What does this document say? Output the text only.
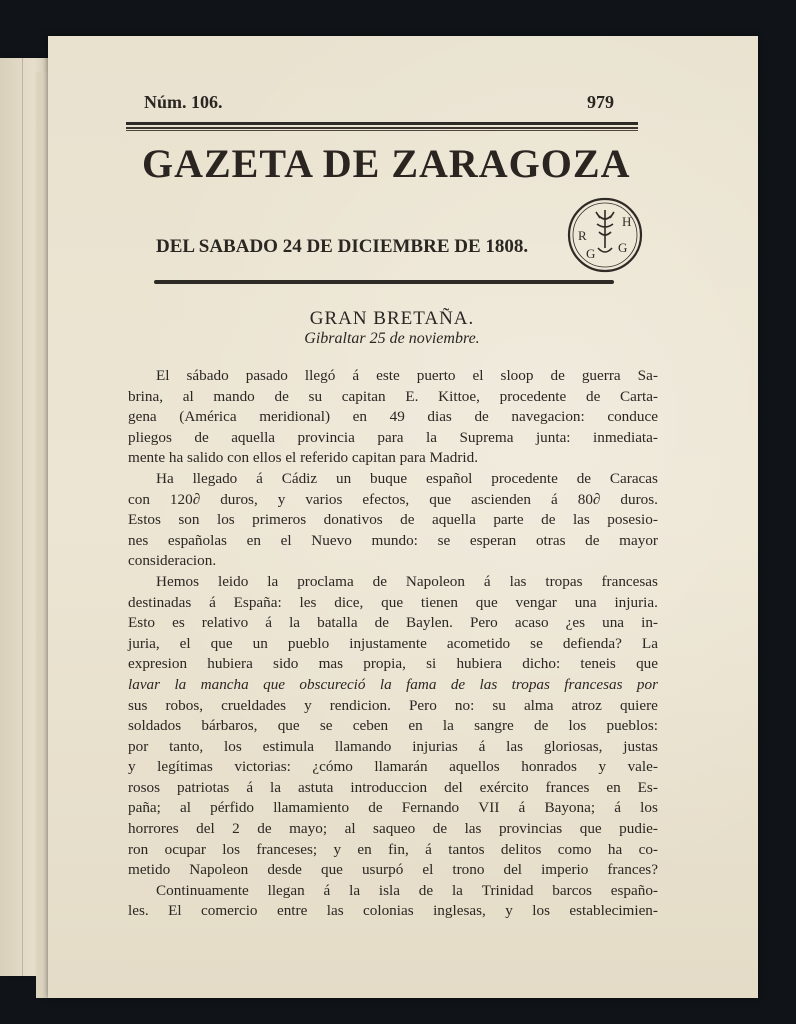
Núm. 106.	979
GAZETA DE ZARAGOZA
DEL SABADO 24 DE DICIEMBRE DE 1808.
R
H
G G
GRAN BRETAÑA.
Gibraltar 25 de noviembre.
El sábado pasado llegó á este puerto el sloop de guerra Sa-
brina, al mando de su capitan E. Kittoe, procedente de Carta-
gena (América meridional) en 49 dias de navegacion: conduce
pliegos de aquella provincia para la Suprema junta: inmediata-
mente ha salido con ellos el referido capitan para Madrid.
Ha llegado á Cádiz un buque español procedente de Caracas
con 120∂ duros, y varios efectos, que ascienden á 80∂ duros.
Estos son los primeros donativos de aquella parte de las posesio-
nes españolas en el Nuevo mundo: se esperan otras de mayor
consideracion.
Hemos leido la proclama de Napoleon á las tropas francesas
destinadas á España: les dice, que tienen que vengar una injuria.
Esto es relativo á la batalla de Baylen. Pero acaso ¿es una in-
juria, el que un pueblo injustamente acometido se defienda? La
expresion hubiera sido mas propia, si hubiera dicho: teneis que
lavar la mancha que obscureció la fama de las tropas francesas por
sus robos, crueldades y rendicion. Pero no: su alma atroz quiere
soldados bárbaros, que se ceben en la sangre de los pueblos:
por tanto, los estimula llamando injurias á las gloriosas, justas
y legítimas victorias: ¿cómo llamarán aquellos honrados y vale-
rosos patriotas á la astuta introduccion del exército frances en Es-
paña; al pérfido llamamiento de Fernando VII á Bayona; á los
horrores del 2 de mayo; al saqueo de las provincias que pudie-
ron ocupar los franceses; y en fin, á tantos delitos como ha co-
metido Napoleon desde que usurpó el trono del imperio frances?
Continuamente llegan á la isla de la Trinidad barcos españo-
les. El comercio entre las colonias inglesas, y los establecimien-
